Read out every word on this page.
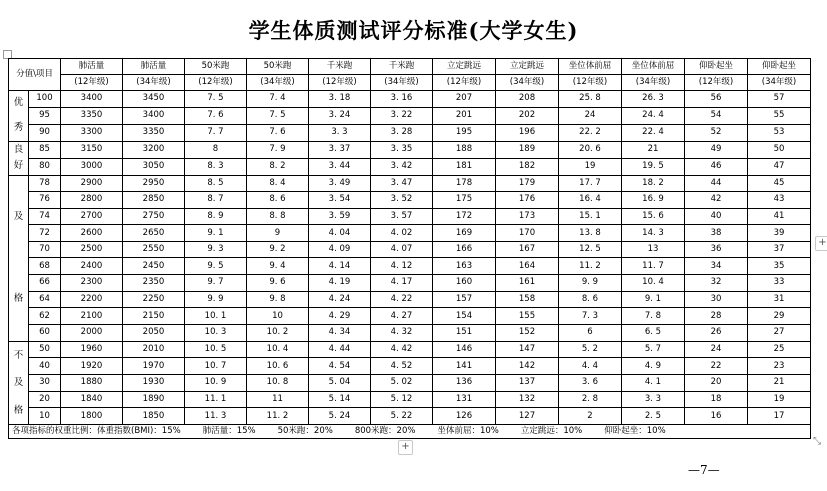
学生体质测试评分标准(大学女生)
分值\项目		肺活量	肺活量	50米跑	50米跑	千米跑	千米跑	立定跳远	立定跳远	坐位体前屈	坐位体前屈	仰卧起坐	仰卧起坐
		(12年级)	(34年级)	(12年级)	(34年级)	(12年级)	(34年级)	(12年级)	(34年级)	(12年级)	(34年级)	(12年级)	(34年级)

优
秀	100	3400	3450	7. 5	7. 4	3. 18	3. 16	207	208	25. 8	26. 3	56	57
	95	3350	3400	7. 6	7. 5	3. 24	3. 22	201	202	24	24. 4	54	55
	90	3300	3350	7. 7	7. 6	3. 3	3. 28	195	196	22. 2	22. 4	52	53

良
好	85	3150	3200	8	7. 9	3. 37	3. 35	188	189	20. 6	21	49	50
	80	3000	3050	8. 3	8. 2	3. 44	3. 42	181	182	19	19. 5	46	47

及
格	78	2900	2950	8. 5	8. 4	3. 49	3. 47	178	179	17. 7	18. 2	44	45
	76	2800	2850	8. 7	8. 6	3. 54	3. 52	175	176	16. 4	16. 9	42	43
	74	2700	2750	8. 9	8. 8	3. 59	3. 57	172	173	15. 1	15. 6	40	41
	72	2600	2650	9. 1	9	4. 04	4. 02	169	170	13. 8	14. 3	38	39
	70	2500	2550	9. 3	9. 2	4. 09	4. 07	166	167	12. 5	13	36	37
	68	2400	2450	9. 5	9. 4	4. 14	4. 12	163	164	11. 2	11. 7	34	35
	66	2300	2350	9. 7	9. 6	4. 19	4. 17	160	161	9. 9	10. 4	32	33
	64	2200	2250	9. 9	9. 8	4. 24	4. 22	157	158	8. 6	9. 1	30	31
	62	2100	2150	10. 1	10	4. 29	4. 27	154	155	7. 3	7. 8	28	29
	60	2000	2050	10. 3	10. 2	4. 34	4. 32	151	152	6	6. 5	26	27

不
及
格	50	1960	2010	10. 5	10. 4	4. 44	4. 42	146	147	5. 2	5. 7	24	25
	40	1920	1970	10. 7	10. 6	4. 54	4. 52	141	142	4. 4	4. 9	22	23
	30	1880	1930	10. 9	10. 8	5. 04	5. 02	136	137	3. 6	4. 1	20	21
	20	1840	1890	11. 1	11	5. 14	5. 12	131	132	2. 8	3. 3	18	19
	10	1800	1850	11. 3	11. 2	5. 24	5. 22	126	127	2	2. 5	16	17
各项指标的权重比例：体重指数(BMI)：15% 肺活量：15% 50米跑：20% 800米跑：20% 坐体前屈：10% 立定跳远：10% 仰卧起坐：10%													
+
+
⤡
—7—
